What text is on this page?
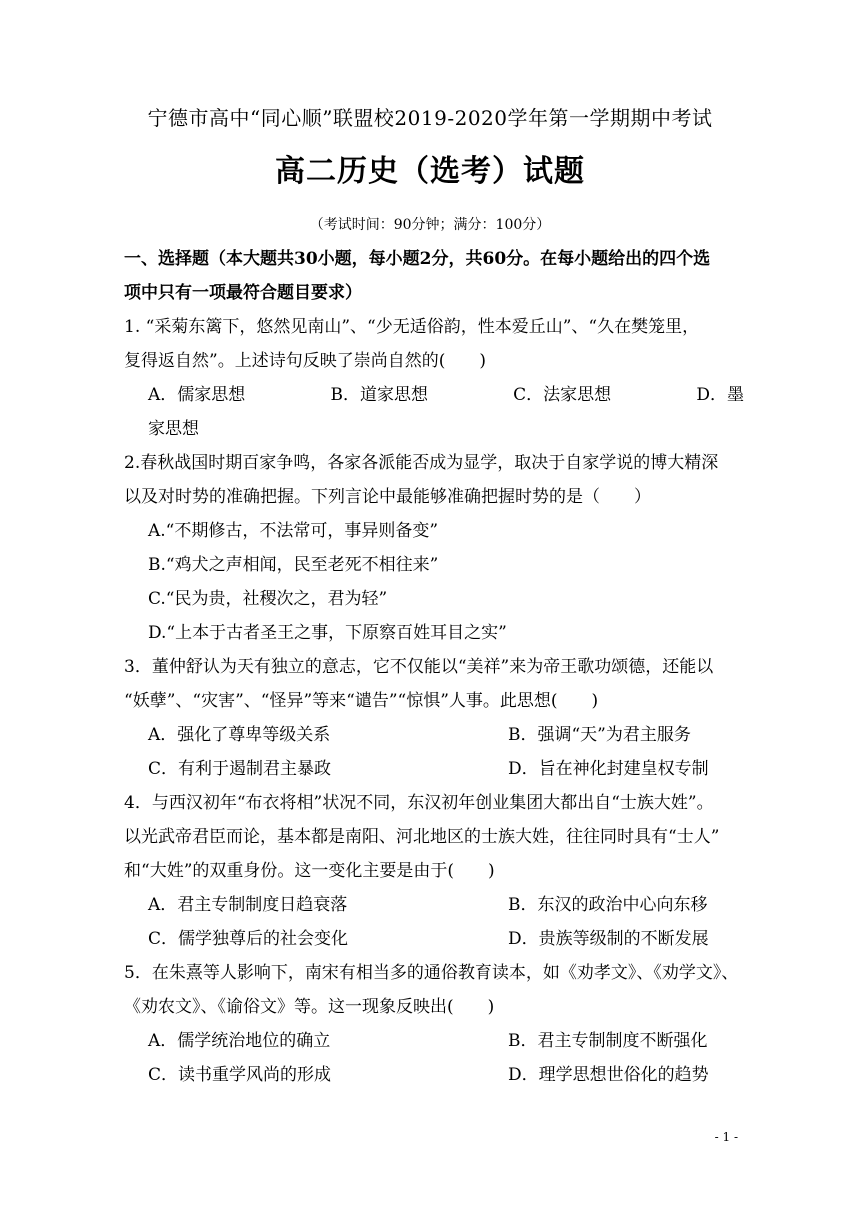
宁德市高中“同心顺”联盟校2019-2020学年第一学期期中考试
高二历史（选考）试题
（考试时间：90分钟；满分：100分）
一、选择题（本大题共30小题，每小题2分，共60分。在每小题给出的四个选
项中只有一项最符合题目要求）
1. “采菊东篱下，悠然见南山”、“少无适俗韵，性本爱丘山”、“久在樊笼里，
复得返自然”。上述诗句反映了崇尚自然的(　　)
A．儒家思想	B．道家思想	C．法家思想	D．墨
家思想
2.春秋战国时期百家争鸣，各家各派能否成为显学，取决于自家学说的博大精深
以及对时势的准确把握。下列言论中最能够准确把握时势的是（　　）
A.“不期修古，不法常可，事异则备变”
B.“鸡犬之声相闻，民至老死不相往来”
C.“民为贵，社稷次之，君为轻”
D.“上本于古者圣王之事，下原察百姓耳目之实”
3．董仲舒认为天有独立的意志，它不仅能以“美祥”来为帝王歌功颂德，还能以
“妖孽”、“灾害”、“怪异”等来“谴告”“惊惧”人事。此思想(　　)
A．强化了尊卑等级关系	B．强调“天”为君主服务
C．有利于遏制君主暴政	D．旨在神化封建皇权专制
4．与西汉初年“布衣将相”状况不同，东汉初年创业集团大都出自“士族大姓”。
以光武帝君臣而论，基本都是南阳、河北地区的士族大姓，往往同时具有“士人”
和“大姓”的双重身份。这一变化主要是由于(　　)
A．君主专制制度日趋衰落	B．东汉的政治中心向东移
C．儒学独尊后的社会变化	D．贵族等级制的不断发展
5．在朱熹等人影响下，南宋有相当多的通俗教育读本，如《劝孝文》、《劝学文》、
《劝农文》、《谕俗文》等。这一现象反映出(　　)
A．儒学统治地位的确立	B．君主专制制度不断强化
C．读书重学风尚的形成	D．理学思想世俗化的趋势
- 1 -
